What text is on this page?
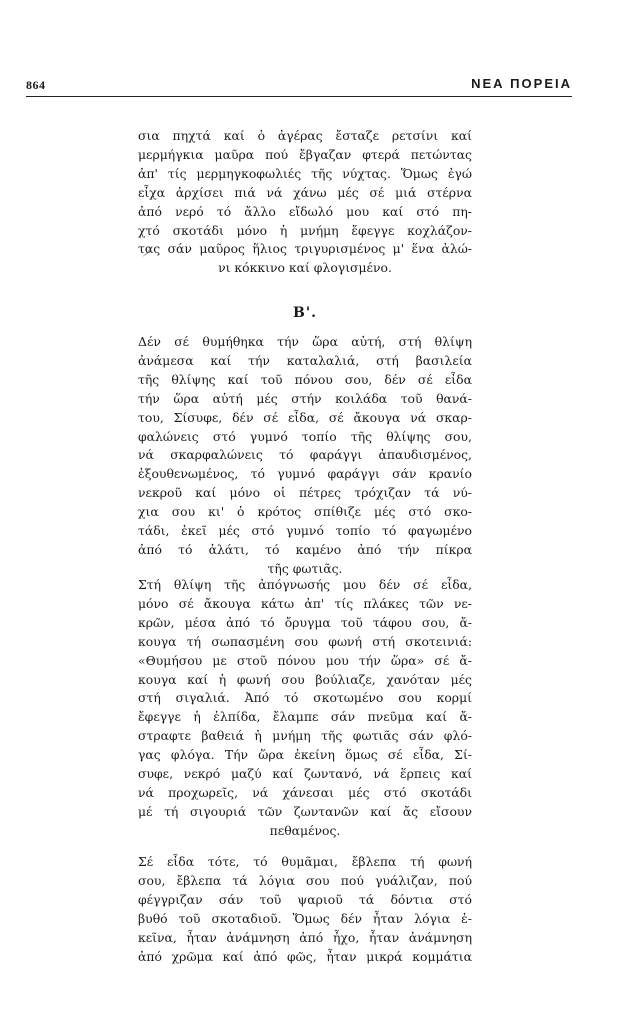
864	ΝΕΑ ΠΟΡΕΙΑ
σια πηχτά καί ὁ ἀγέρας ἔσταζε ρετσίνι καί
μερμήγκια μαῦρα πού ἔβγαζαν φτερά πετώντας
ἀπ' τίς μερμηγκοφωλιές τῆς νύχτας. Ὅμως ἐγώ
εἶχα ἀρχίσει πιά νά χάνω μές σέ μιά στέρνα
ἀπό νερό τό ἄλλο εἴδωλό μου καί στό πη-
χτό σκοτάδι μόνο ἡ μνήμη ἔφεγγε κοχλάζον-
τας σάν μαῦρος ἥλιος τριγυρισμένος μ' ἕνα ἁλώ-
νι κόκκινο καί φλογισμένο.
Β'.
Δέν σέ θυμήθηκα τήν ὥρα αὐτή, στή θλίψη
ἀνάμεσα καί τήν καταλαλιά, στή βασιλεία
τῆς θλίψης καί τοῦ πόνου σου, δέν σέ εἶδα
τήν ὥρα αὐτή μές στήν κοιλάδα τοῦ θανά-
του, Σίσυφε, δέν σέ εἶδα, σέ ἄκουγα νά σκαρ-
φαλώνεις στό γυμνό τοπίο τῆς θλίψης σου,
νά σκαρφαλώνεις τό φαράγγι ἀπαυδισμένος,
ἐξουθενωμένος, τό γυμνό φαράγγι σάν κρανίο
νεκροῦ καί μόνο οἱ πέτρες τρόχιζαν τά νύ-
χια σου κι' ὁ κρότος σπίθιζε μές στό σκο-
τάδι, ἐκεῖ μές στό γυμνό τοπίο τό φαγωμένο
ἀπό τό ἁλάτι, τό καμένο ἀπό τήν πίκρα
τῆς φωτιᾶς.
Στή θλίψη τῆς ἀπόγνωσής μου δέν σέ εἶδα,
μόνο σέ ἄκουγα κάτω ἀπ' τίς πλάκες τῶν νε-
κρῶν, μέσα ἀπό τό ὄρυγμα τοῦ τάφου σου, ἄ-
κουγα τή σωπασμένη σου φωνή στή σκοτεινιά:
«Θυμήσου με στοῦ πόνου μου τήν ὥρα» σέ ἄ-
κουγα καί ἡ φωνή σου βούλιαζε, χανόταν μές
στή σιγαλιά. Ἀπό τό σκοτωμένο σου κορμί
ἔφεγγε ἡ ἐλπίδα, ἔλαμπε σάν πνεῦμα καί ἄ-
στραφτε βαθειά ἡ μνήμη τῆς φωτιᾶς σάν φλό-
γας φλόγα. Τήν ὥρα ἐκείνη ὅμως σέ εἶδα, Σί-
συφε, νεκρό μαζύ καί ζωντανό, νά ἕρπεις καί
νά προχωρεῖς, νά χάνεσαι μές στό σκοτάδι
μέ τή σιγουριά τῶν ζωντανῶν καί ἄς εἴσουν
πεθαμένος.
Σέ εἶδα τότε, τό θυμᾶμαι, ἔβλεπα τή φωνή
σου, ἔβλεπα τά λόγια σου πού γυάλιζαν, πού
φέγγριζαν σάν τοῦ ψαριοῦ τά δόντια στό
βυθό τοῦ σκοταδιοῦ. Ὅμως δέν ἦταν λόγια ἐ-
κεῖνα, ἦταν ἀνάμνηση ἀπό ἦχο, ἦταν ἀνάμνηση
ἀπό χρῶμα καί ἀπό φῶς, ἦταν μικρά κομμάτια
